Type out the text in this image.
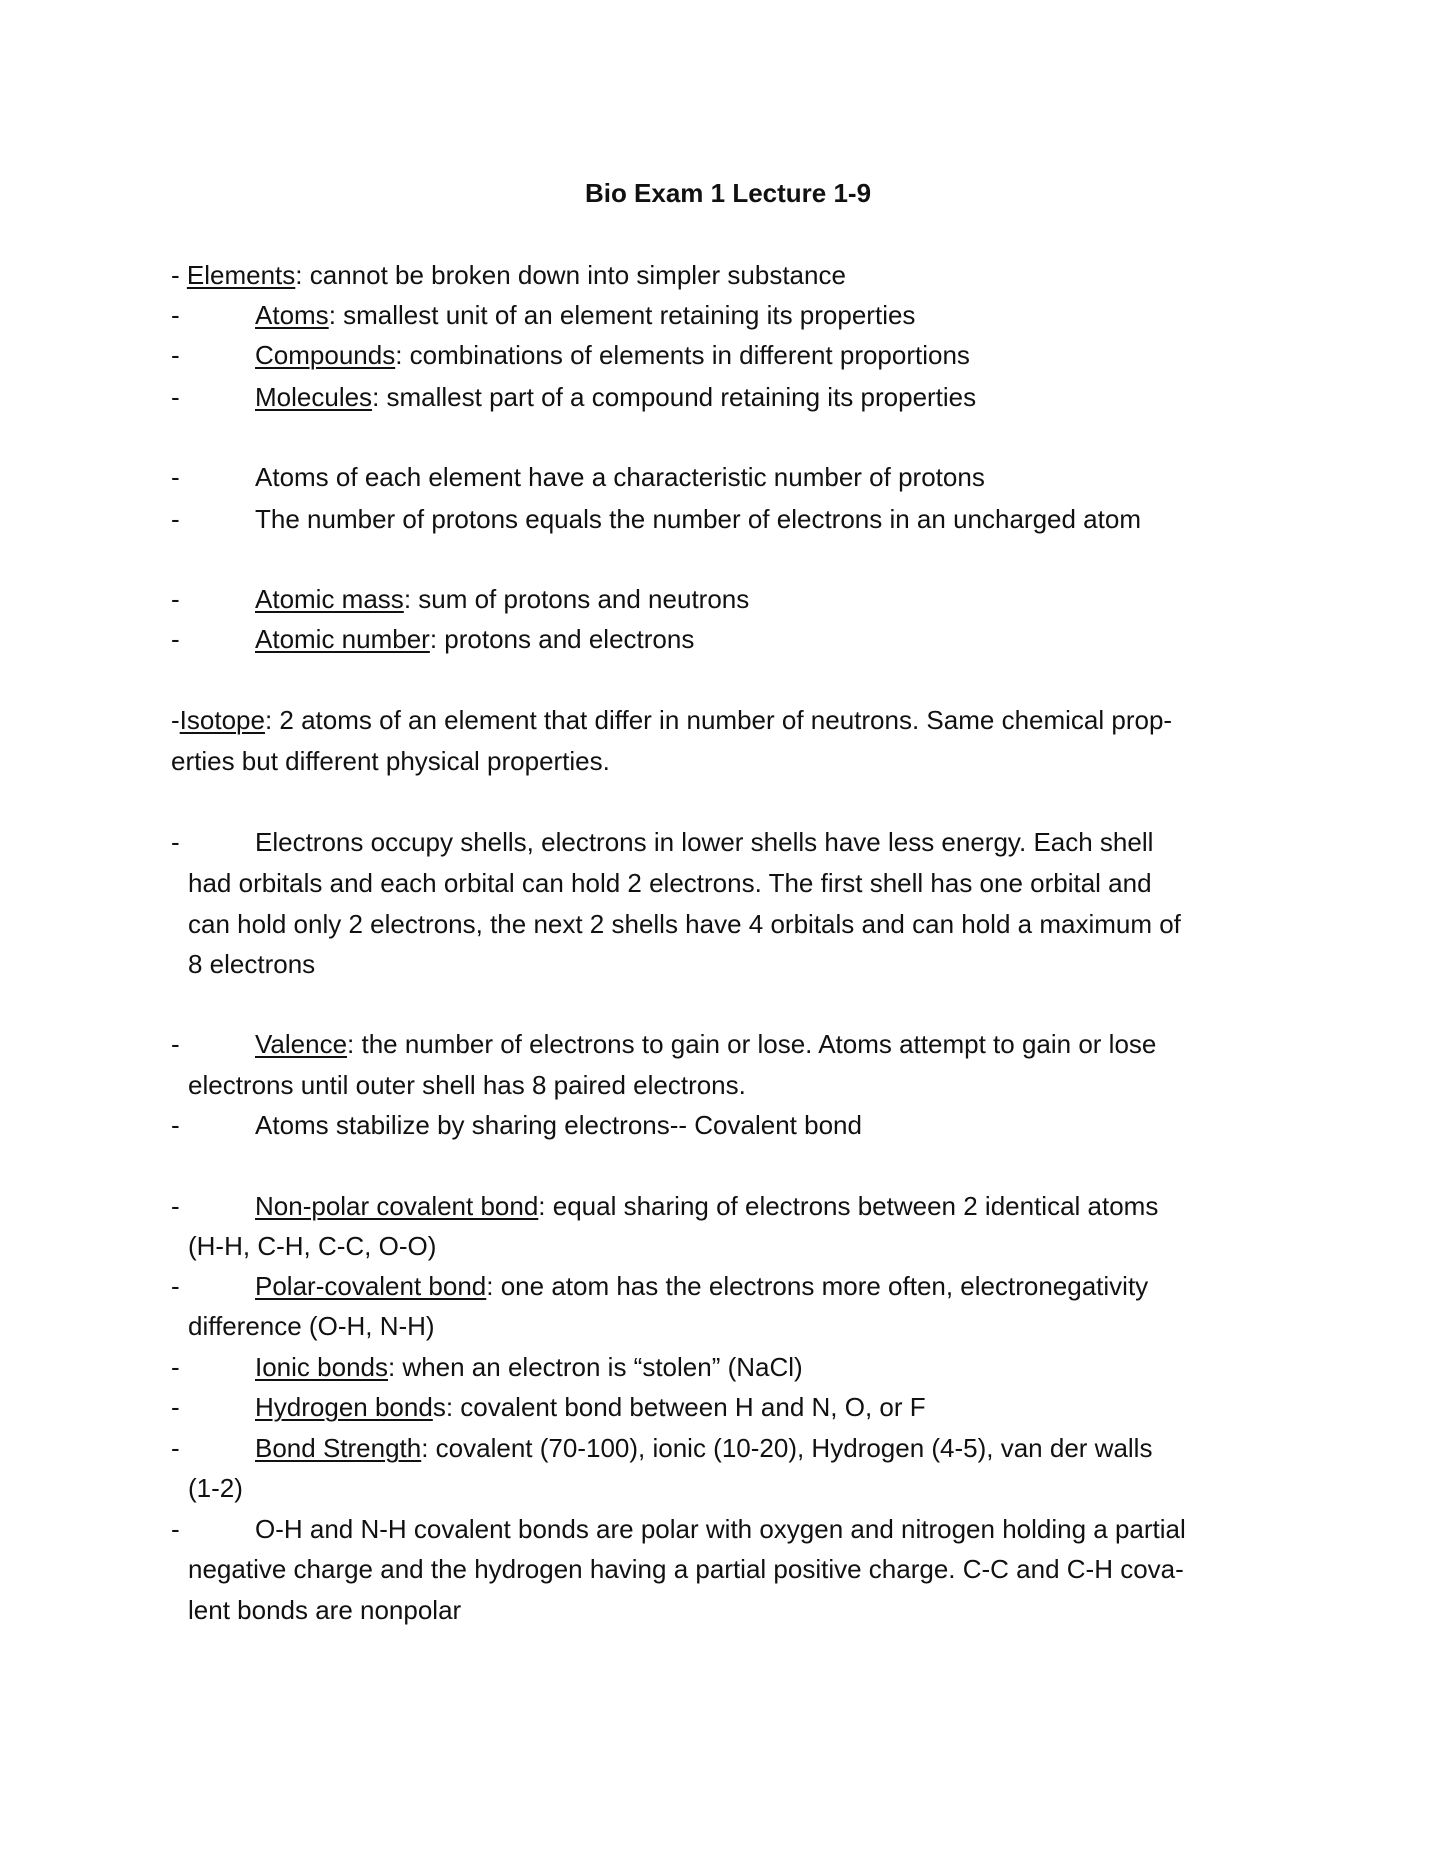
Bio Exam 1 Lecture 1-9

- Elements: cannot be broken down into simpler substance

-	Atoms: smallest unit of an element retaining its properties

-	Compounds: combinations of elements in different proportions

-	Molecules: smallest part of a compound retaining its properties

-	Atoms of each element have a characteristic number of protons

-	The number of protons equals the number of electrons in an uncharged atom

-	Atomic mass: sum of protons and neutrons

-	Atomic number: protons and electrons

-Isotope: 2 atoms of an element that differ in number of neutrons. Same chemical prop-

erties but different physical properties.

-	Electrons occupy shells, electrons in lower shells have less energy. Each shell

had orbitals and each orbital can hold 2 electrons. The first shell has one orbital and

can hold only 2 electrons, the next 2 shells have 4 orbitals and can hold a maximum of

8 electrons

-	Valence: the number of electrons to gain or lose. Atoms attempt to gain or lose

electrons until outer shell has 8 paired electrons.

-	Atoms stabilize by sharing electrons-- Covalent bond

-	Non-polar covalent bond: equal sharing of electrons between 2 identical atoms

(H-H, C-H, C-C, O-O)

-	Polar-covalent bond: one atom has the electrons more often, electronegativity

difference (O-H, N-H)

-	Ionic bonds: when an electron is “stolen” (NaCl)

-	Hydrogen bonds: covalent bond between H and N, O, or F

-	Bond Strength: covalent (70-100), ionic (10-20), Hydrogen (4-5), van der walls

(1-2)

-	O-H and N-H covalent bonds are polar with oxygen and nitrogen holding a partial

negative charge and the hydrogen having a partial positive charge. C-C and C-H cova-

lent bonds are nonpolar
